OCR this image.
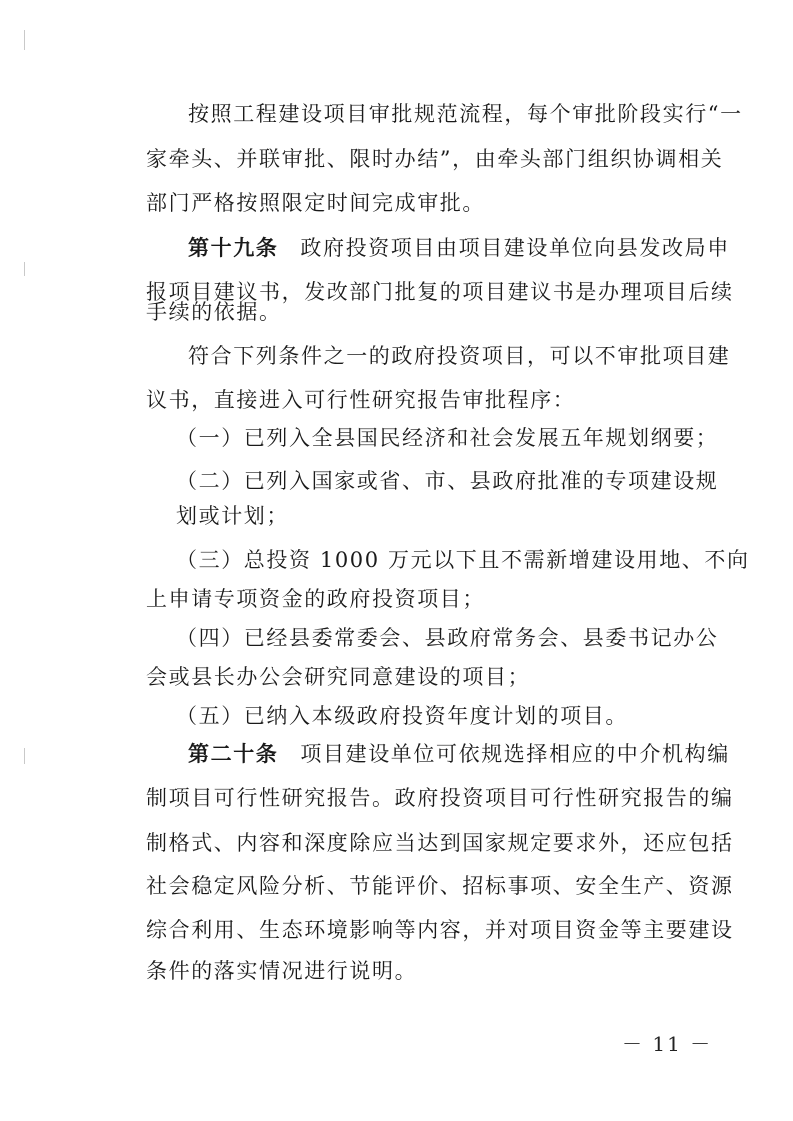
按照工程建设项目审批规范流程，每个审批阶段实行“一
家牵头、并联审批、限时办结”，由牵头部门组织协调相关
部门严格按照限定时间完成审批。
第十九条 政府投资项目由项目建设单位向县发改局申
报项目建议书，发改部门批复的项目建议书是办理项目后续
手续的依据。
符合下列条件之一的政府投资项目，可以不审批项目建
议书，直接进入可行性研究报告审批程序：
（一）已列入全县国民经济和社会发展五年规划纲要；
（二）已列入国家或省、市、县政府批准的专项建设规
划或计划；
（三）总投资 1000 万元以下且不需新增建设用地、不向
上申请专项资金的政府投资项目；
（四）已经县委常委会、县政府常务会、县委书记办公
会或县长办公会研究同意建设的项目；
（五）已纳入本级政府投资年度计划的项目。
第二十条 项目建设单位可依规选择相应的中介机构编
制项目可行性研究报告。政府投资项目可行性研究报告的编
制格式、内容和深度除应当达到国家规定要求外，还应包括
社会稳定风险分析、节能评价、招标事项、安全生产、资源
综合利用、生态环境影响等内容，并对项目资金等主要建设
条件的落实情况进行说明。
－ 11 －
